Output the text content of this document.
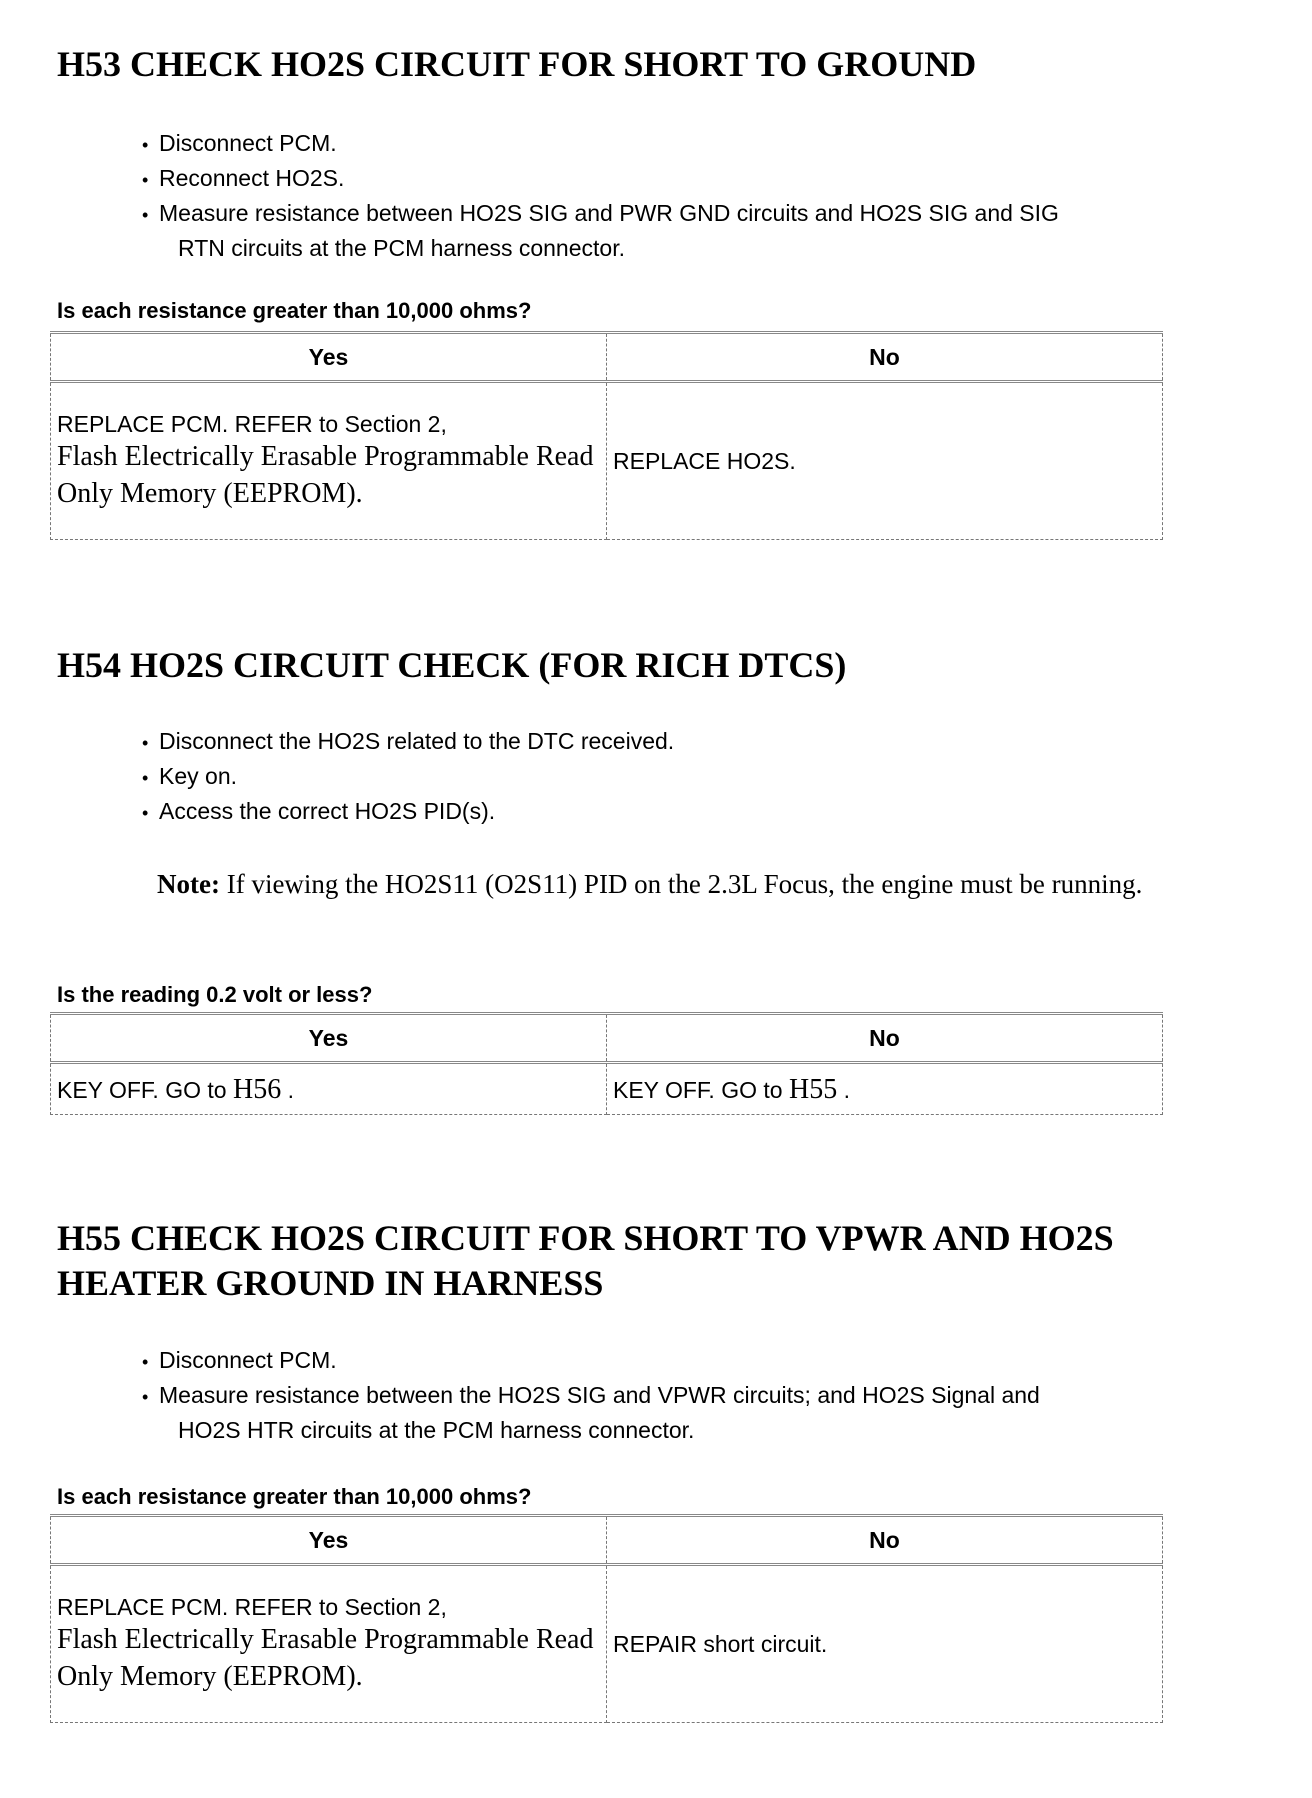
H53 CHECK HO2S CIRCUIT FOR SHORT TO GROUND
• Disconnect PCM.
• Reconnect HO2S.
• Measure resistance between HO2S SIG and PWR GND circuits and HO2S SIG and SIG
RTN circuits at the PCM harness connector.
Is each resistance greater than 10,000 ohms?
Yes	No

REPLACE PCM. REFER to Section 2,
Flash Electrically Erasable Programmable Read Only Memory (EEPROM).	REPLACE HO2S.
H54 HO2S CIRCUIT CHECK (FOR RICH DTCS)
• Disconnect the HO2S related to the DTC received.
• Key on.
• Access the correct HO2S PID(s).
Note: If viewing the HO2S11 (O2S11) PID on the 2.3L Focus, the engine must be running.
Is the reading 0.2 volt or less?
Yes	No
KEY OFF. GO to H56 .	KEY OFF. GO to H55 .
H55 CHECK HO2S CIRCUIT FOR SHORT TO VPWR AND HO2S HEATER GROUND IN HARNESS
• Disconnect PCM.
• Measure resistance between the HO2S SIG and VPWR circuits; and HO2S Signal and
HO2S HTR circuits at the PCM harness connector.
Is each resistance greater than 10,000 ohms?
Yes	No

REPLACE PCM. REFER to Section 2,
Flash Electrically Erasable Programmable Read Only Memory (EEPROM).	REPAIR short circuit.
